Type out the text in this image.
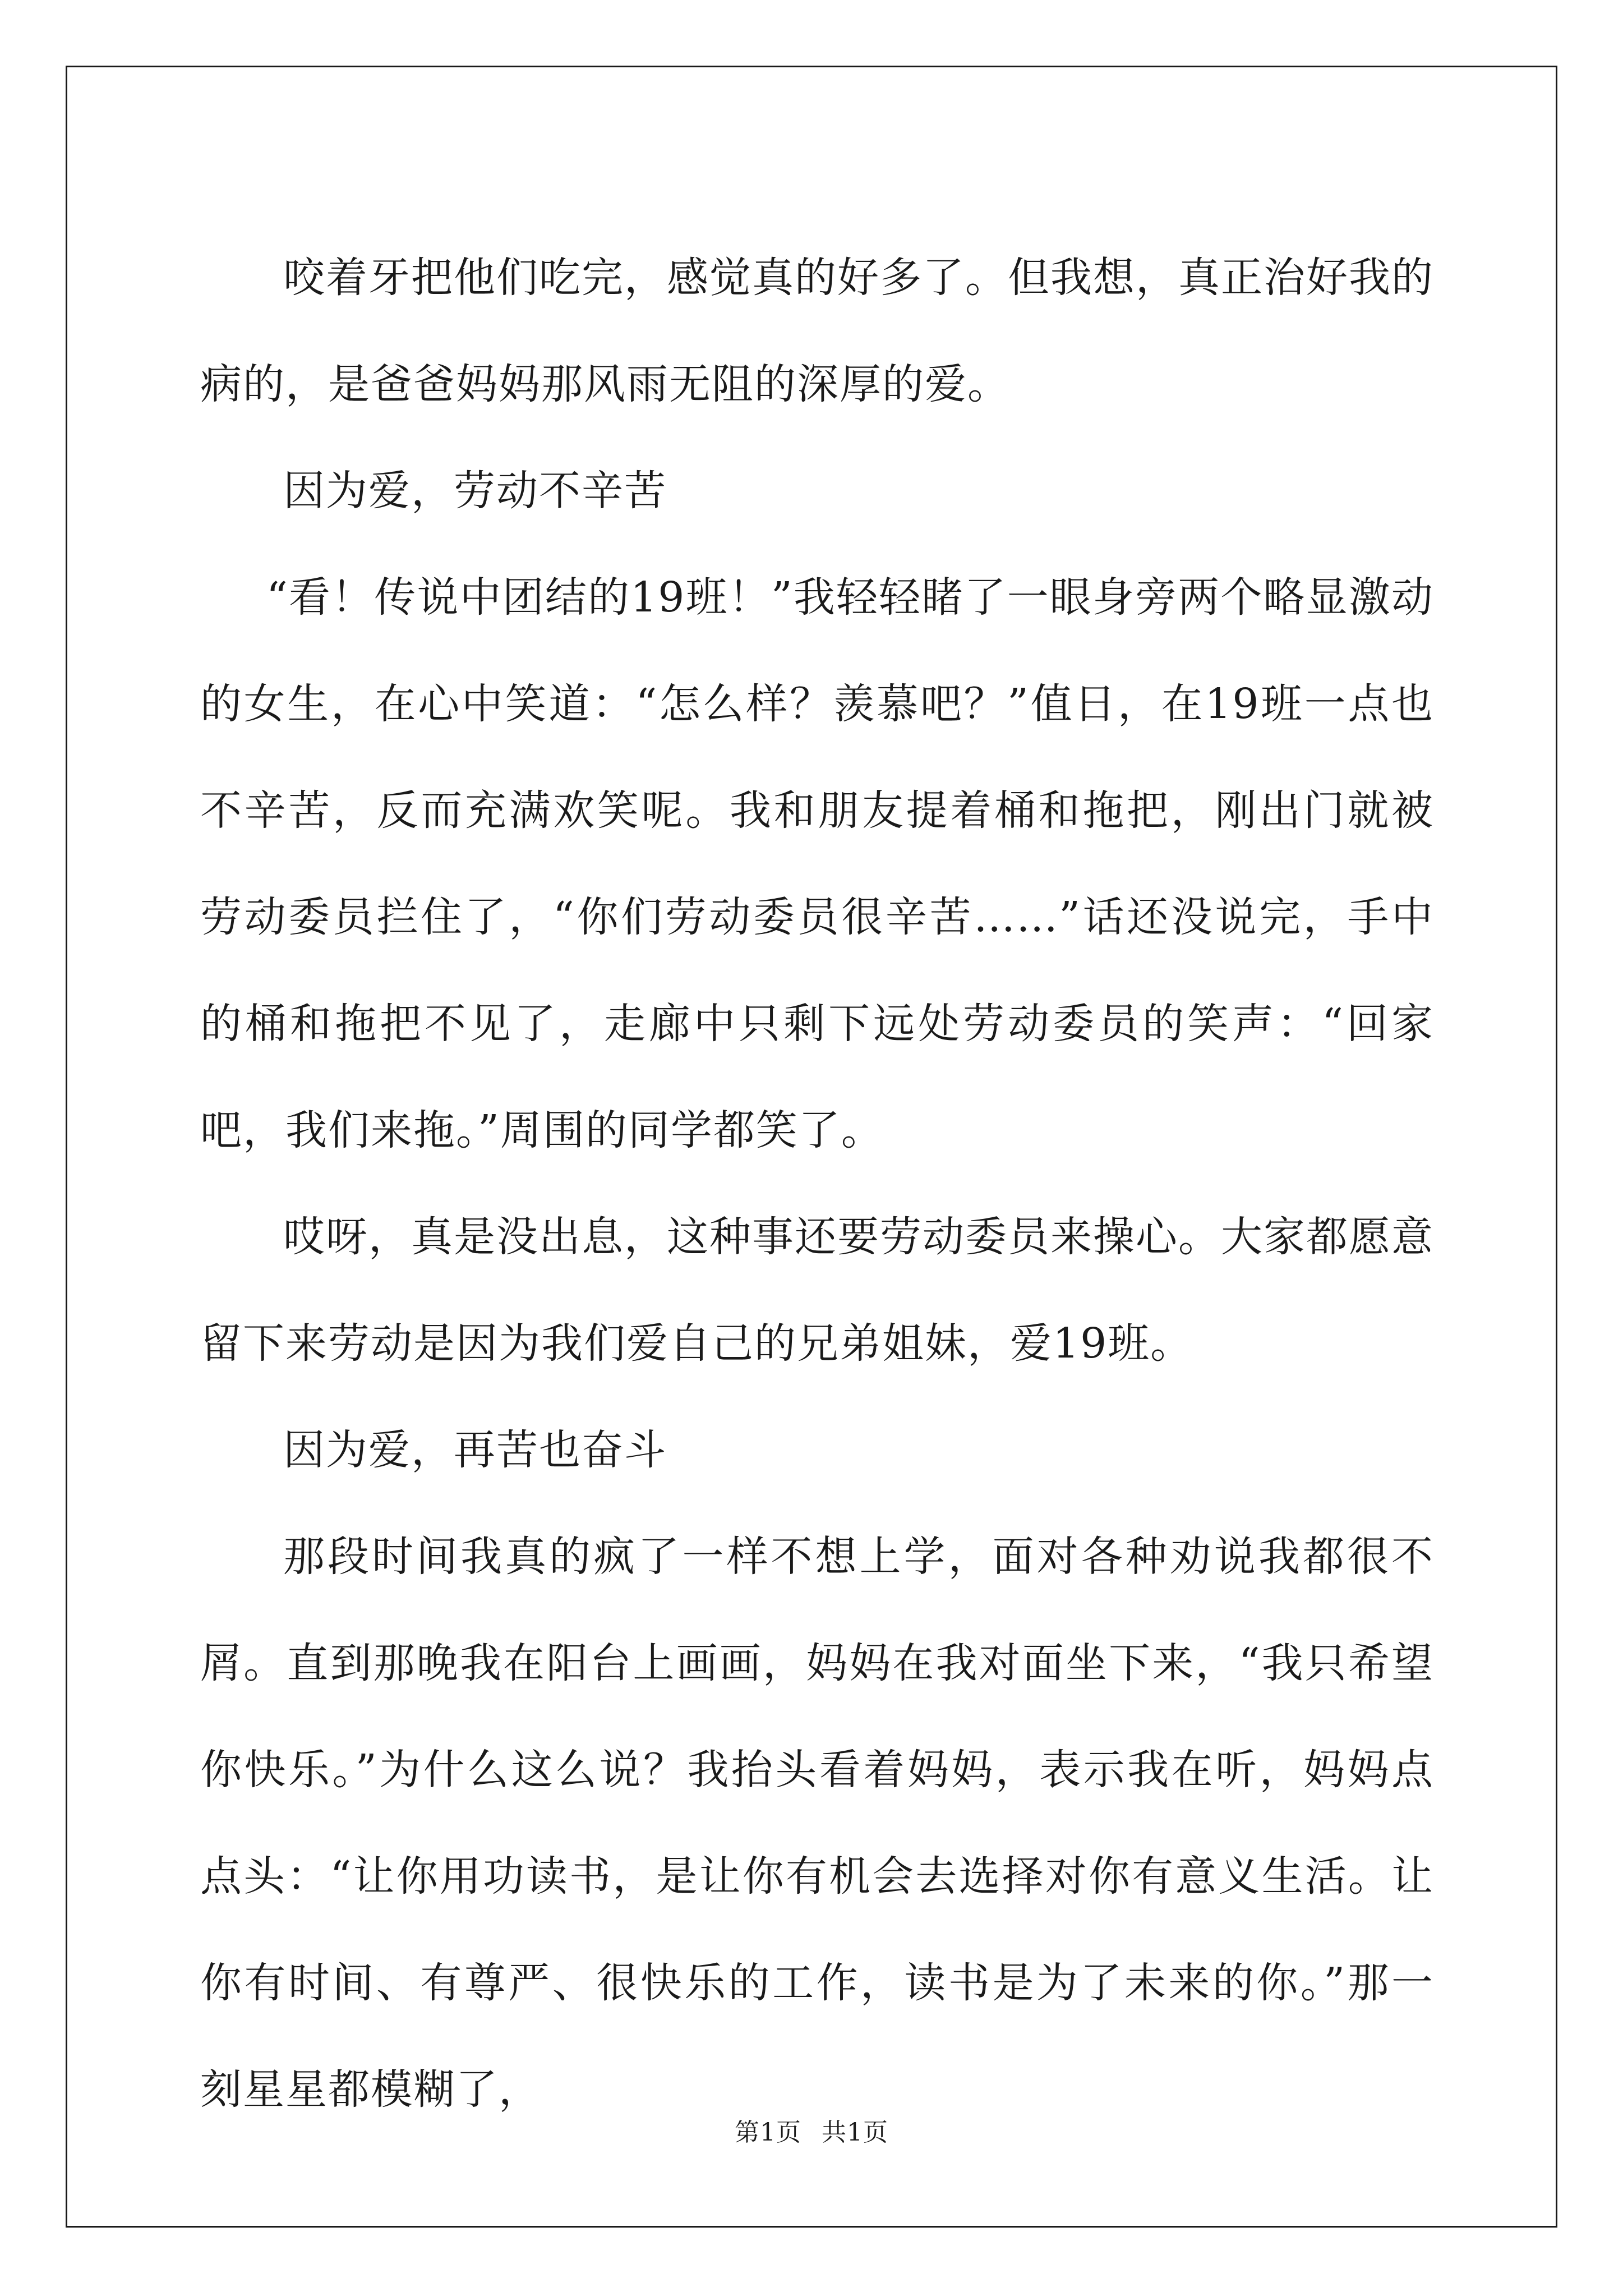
咬着牙把他们吃完，感觉真的好多了。但我想，真正治好我的病的，是爸爸妈妈那风雨无阻的深厚的爱。

因为爱，劳动不辛苦

“看！传说中团结的19班！”我轻轻睹了一眼身旁两个略显激动的女生，在心中笑道：“怎么样？羡慕吧？”值日，在19班一点也不辛苦，反而充满欢笑呢。我和朋友提着桶和拖把，刚出门就被劳动委员拦住了，“你们劳动委员很辛苦……”话还没说完，手中的桶和拖把不见了，走廊中只剩下远处劳动委员的笑声：“回家吧，我们来拖。”周围的同学都笑了。

哎呀，真是没出息，这种事还要劳动委员来操心。大家都愿意留下来劳动是因为我们爱自己的兄弟姐妹，爱19班。

因为爱，再苦也奋斗

那段时间我真的疯了一样不想上学，面对各种劝说我都很不屑。直到那晚我在阳台上画画，妈妈在我对面坐下来，“我只希望你快乐。”为什么这么说？我抬头看着妈妈，表示我在听，妈妈点点头：“让你用功读书，是让你有机会去选择对你有意义生活。让你有时间、有尊严、很快乐的工作，读书是为了未来的你。”那一刻星星都模糊了，

第1页 共1页
